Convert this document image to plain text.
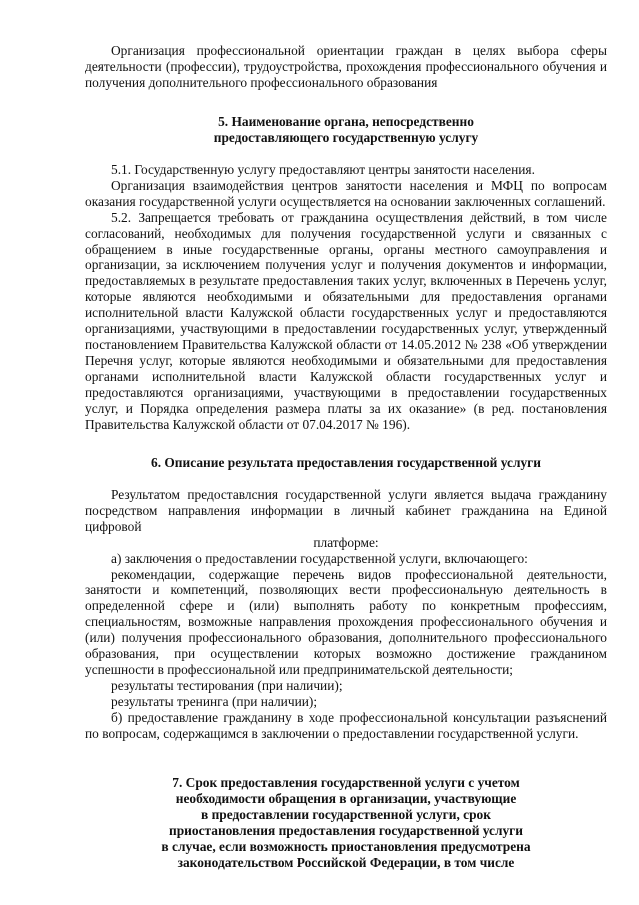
Организация профессиональной ориентации граждан в целях выбора сферы деятельности (профессии), трудоустройства, прохождения профессионального обучения и получения дополнительного профессионального образования

5. Наименование органа, непосредственно

предоставляющего государственную услугу

5.1. Государственную услугу предоставляют центры занятости населения.

Организация взаимодействия центров занятости населения и МФЦ по вопросам оказания государственной услуги осуществляется на основании заключенных соглашений.

5.2. Запрещается требовать от гражданина осуществления действий, в том числе согласований, необходимых для получения государственной услуги и связанных с обращением в иные государственные органы, органы местного самоуправления и организации, за исключением получения услуг и получения документов и информации, предоставляемых в результате предоставления таких услуг, включенных в Перечень услуг, которые являются необходимыми и обязательными для предоставления органами исполнительной власти Калужской области государственных услуг и предоставляются организациями, участвующими в предоставлении государственных услуг, утвержденный постановлением Правительства Калужской области от 14.05.2012 № 238 «Об утверждении Перечня услуг, которые являются необходимыми и обязательными для предоставления органами исполнительной власти Калужской области государственных услуг и предоставляются организациями, участвующими в предоставлении государственных услуг, и Порядка определения размера платы за их оказание» (в ред. постановления Правительства Калужской области от 07.04.2017 № 196).

6. Описание результата предоставления государственной услуги

Результатом предоставлсния государственной услуги является выдача гражданину посредством направления информации в личный кабинет гражданина на Единой цифровой

платформе:

а) заключения о предоставлении государственной услуги, включающего:

рекомендации, содержащие перечень видов профессиональной деятельности, занятости и компетенций, позволяющих вести профессиональную деятельность в определенной сфере и (или) выполнять работу по конкретным профессиям, специальностям, возможные направления прохождения профессионального обучения и (или) получения профессионального образования, дополнительного профессионального образования, при осуществлении которых возможно достижение гражданином успешности в профессиональной или предпринимательской деятельности;

результаты тестирования (при наличии);

результаты тренинга (при наличии);

б) предоставление гражданину в ходе профессиональной консультации разъяснений по вопросам, содержащимся в заключении о предоставлении государственной услуги.

7. Срок предоставления государственной услуги с учетом

необходимости обращения в организации, участвующие

в предоставлении государственной услуги, срок

приостановления предоставления государственной услуги

в случае, если возможность приостановления предусмотрена

законодательством Российской Федерации, в том числе
